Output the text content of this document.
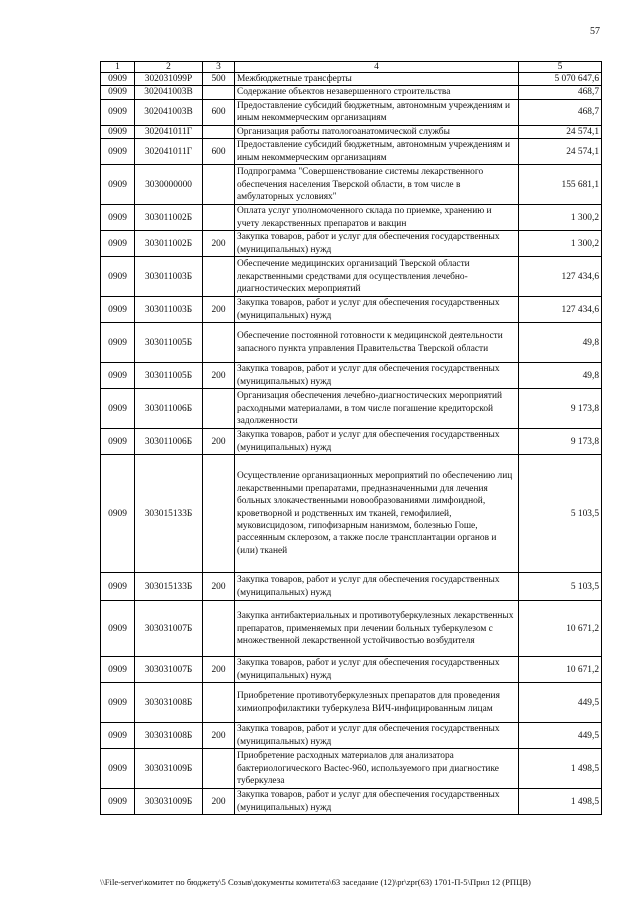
57
1	2	3	4	5
0909	302031099Р	500	Межбюджетные трансферты	5 070 647,6
0909	302041003В		Содержание объектов незавершенного строительства	468,7
0909	302041003В	600	Предоставление субсидий бюджетным, автономным учреждениям и иным некоммерческим организациям	468,7
0909	302041011Г		Организация работы патологоанатомической службы	24 574,1
0909	302041011Г	600	Предоставление субсидий бюджетным, автономным учреждениям и иным некоммерческим организациям	24 574,1
0909	3030000000		Подпрограмма "Совершенствование системы лекарственного обеспечения населения Тверской области, в том числе в амбулаторных условиях"	155 681,1
0909	303011002Б		Оплата услуг уполномоченного склада по приемке, хранению и учету лекарственных препаратов и вакцин	1 300,2
0909	303011002Б	200	Закупка товаров, работ и услуг для обеспечения государственных (муниципальных) нужд	1 300,2
0909	303011003Б		Обеспечение медицинских организаций Тверской области лекарственными средствами для осуществления лечебно-диагностических мероприятий	127 434,6
0909	303011003Б	200	Закупка товаров, работ и услуг для обеспечения государственных (муниципальных) нужд	127 434,6
0909	303011005Б		Обеспечение постоянной готовности к медицинской деятельности запасного пункта управления Правительства Тверской области	49,8
0909	303011005Б	200	Закупка товаров, работ и услуг для обеспечения государственных (муниципальных) нужд	49,8
0909	303011006Б		Организация обеспечения лечебно-диагностических мероприятий расходными материалами, в том числе погашение кредиторской задолженности	9 173,8
0909	303011006Б	200	Закупка товаров, работ и услуг для обеспечения государственных (муниципальных) нужд	9 173,8
0909	303015133Б		Осуществление организационных мероприятий по обеспечению лиц лекарственными препаратами, предназначенными для лечения больных злокачественными новообразованиями лимфоидной, кроветворной и родственных им тканей, гемофилией, муковисцидозом, гипофизарным нанизмом, болезнью Гоше, рассеянным склерозом, а также после трансплантации органов и (или) тканей	5 103,5
0909	303015133Б	200	Закупка товаров, работ и услуг для обеспечения государственных (муниципальных) нужд	5 103,5
0909	303031007Б		Закупка антибактериальных и противотуберкулезных лекарственных препаратов, применяемых при лечении больных туберкулезом с множественной лекарственной устойчивостью возбудителя	10 671,2
0909	303031007Б	200	Закупка товаров, работ и услуг для обеспечения государственных (муниципальных) нужд	10 671,2
0909	303031008Б		Приобретение противотуберкулезных препаратов для проведения химиопрофилактики туберкулеза ВИЧ-инфицированным лицам	449,5
0909	303031008Б	200	Закупка товаров, работ и услуг для обеспечения государственных (муниципальных) нужд	449,5
0909	303031009Б		Приобретение расходных материалов для анализатора бактериологического Bactec-960, используемого при диагностике туберкулеза	1 498,5
0909	303031009Б	200	Закупка товаров, работ и услуг для обеспечения государственных (муниципальных) нужд	1 498,5
\\File-server\комитет по бюджету\5 Созыв\документы комитета\63 заседание (12)\pr\zpr(63) 1701-П-5\Прил 12 (РПЦВ)
